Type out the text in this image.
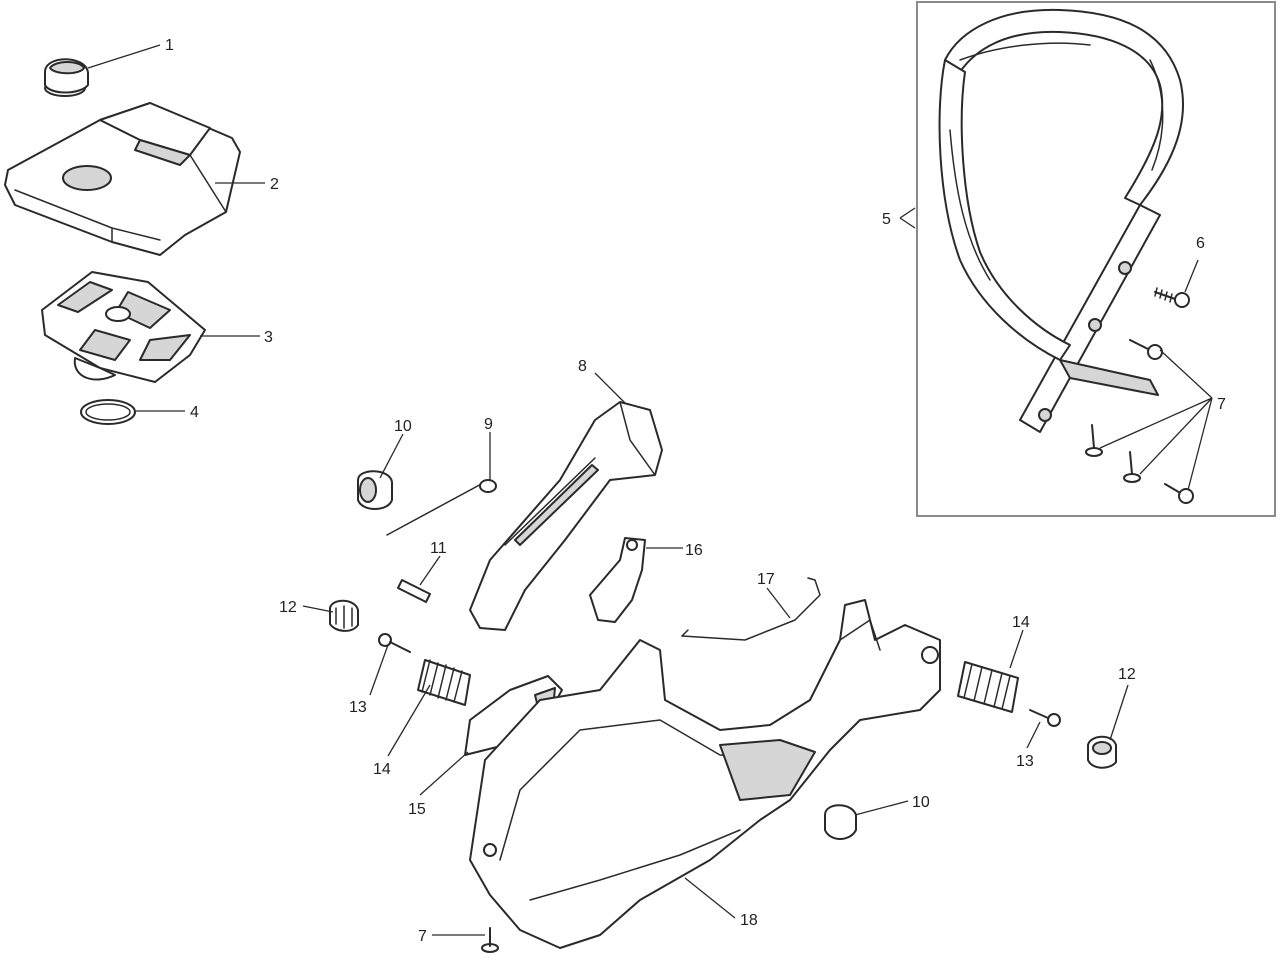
1
2
3
4
5
6
7
8
9
10
11
12
13
14
15
16
17
18
7
10
12
13
14
